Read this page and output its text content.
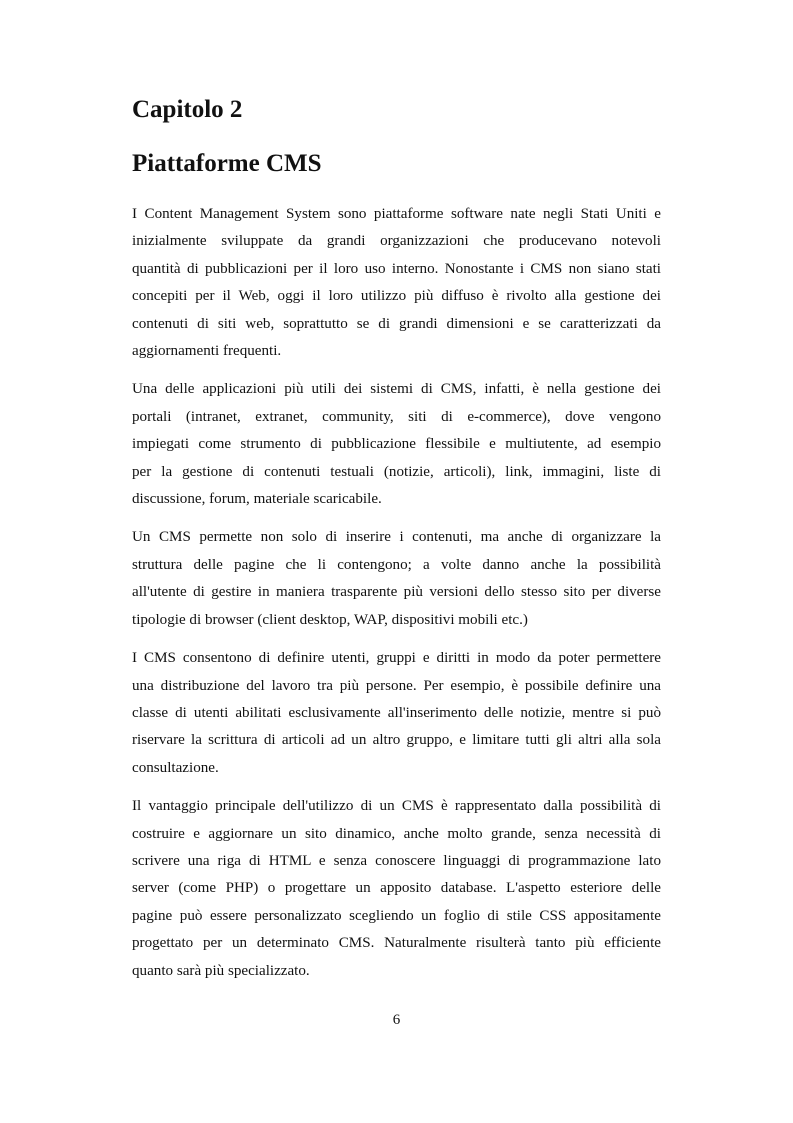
Capitolo 2
Piattaforme CMS

I Content Management System sono piattaforme software nate negli Stati Uniti e
inizialmente sviluppate da grandi organizzazioni che producevano notevoli
quantità di pubblicazioni per il loro uso interno. Nonostante i CMS non siano stati
concepiti per il Web, oggi il loro utilizzo più diffuso è rivolto alla gestione dei
contenuti di siti web, soprattutto se di grandi dimensioni e se caratterizzati da
aggiornamenti frequenti.

Una delle applicazioni più utili dei sistemi di CMS, infatti, è nella gestione dei
portali (intranet, extranet, community, siti di e-commerce), dove vengono
impiegati come strumento di pubblicazione flessibile e multiutente, ad esempio
per la gestione di contenuti testuali (notizie, articoli), link, immagini, liste di
discussione, forum, materiale scaricabile.

Un CMS permette non solo di inserire i contenuti, ma anche di organizzare la
struttura delle pagine che li contengono; a volte danno anche la possibilità
all'utente di gestire in maniera trasparente più versioni dello stesso sito per diverse
tipologie di browser (client desktop, WAP, dispositivi mobili etc.)

I CMS consentono di definire utenti, gruppi e diritti in modo da poter permettere
una distribuzione del lavoro tra più persone. Per esempio, è possibile definire una
classe di utenti abilitati esclusivamente all'inserimento delle notizie, mentre si può
riservare la scrittura di articoli ad un altro gruppo, e limitare tutti gli altri alla sola
consultazione.

Il vantaggio principale dell'utilizzo di un CMS è rappresentato dalla possibilità di
costruire e aggiornare un sito dinamico, anche molto grande, senza necessità di
scrivere una riga di HTML e senza conoscere linguaggi di programmazione lato
server (come PHP) o progettare un apposito database. L'aspetto esteriore delle
pagine può essere personalizzato scegliendo un foglio di stile CSS appositamente
progettato per un determinato CMS. Naturalmente risulterà tanto più efficiente
quanto sarà più specializzato.

6
